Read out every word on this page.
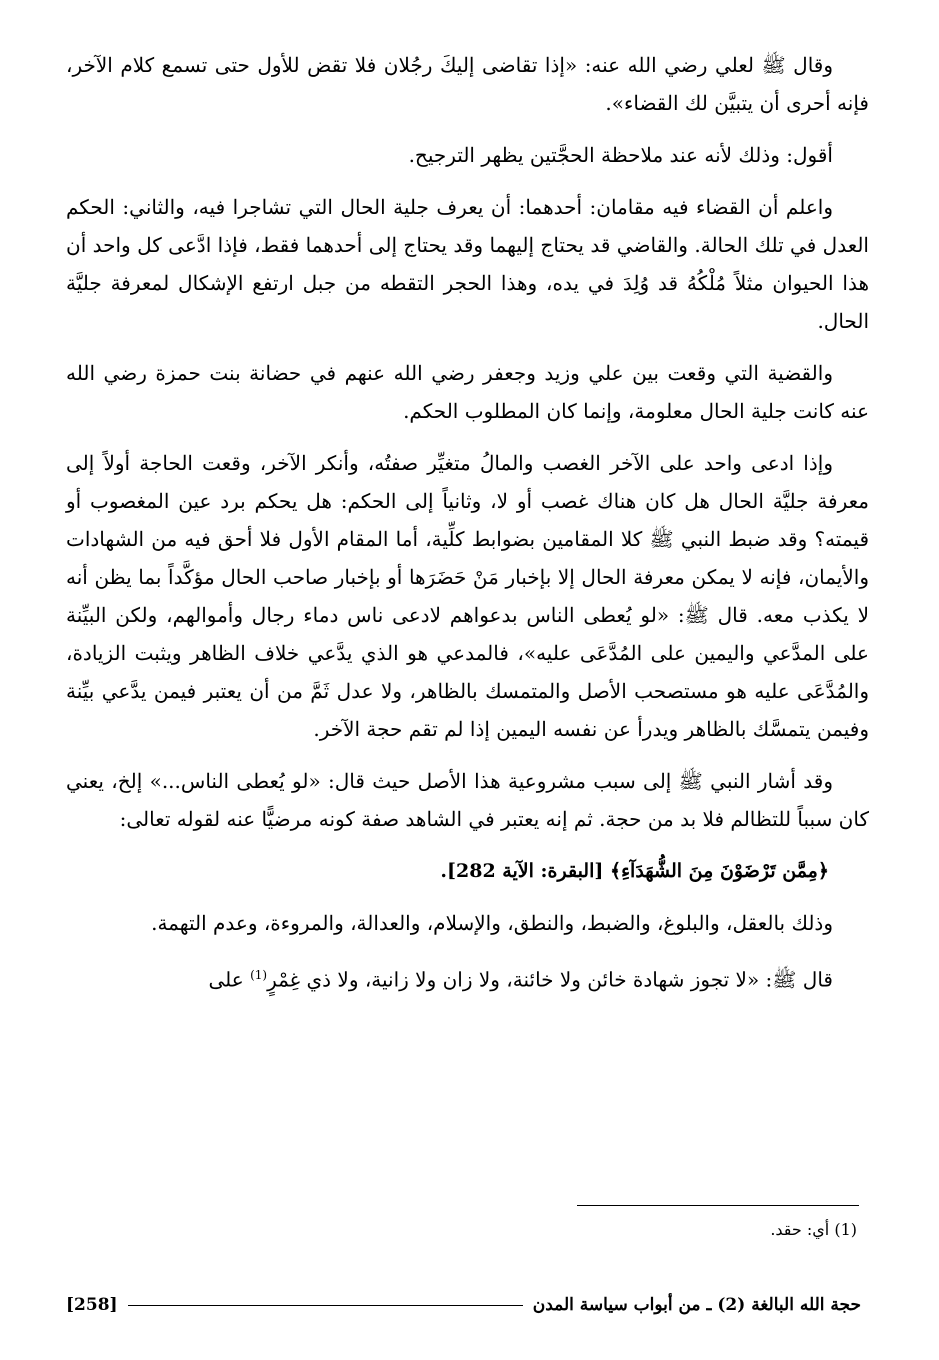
وقال ﷺ لعلي رضي الله عنه: «إذا تقاضى إليكَ رجُلان فلا تقض للأول حتى تسمع كلام الآخر، فإنه أحرى أن يتبيَّن لك القضاء».

أقول: وذلك لأنه عند ملاحظة الحجَّتين يظهر الترجيح.

واعلم أن القضاء فيه مقامان: أحدهما: أن يعرف جلية الحال التي تشاجرا فيه، والثاني: الحكم العدل في تلك الحالة. والقاضي قد يحتاج إليهما وقد يحتاج إلى أحدهما فقط، فإذا ادَّعى كل واحد أن هذا الحيوان مثلاً مُلْكُهُ قد وُلِدَ في يده، وهذا الحجر التقطه من جبل ارتفع الإشكال لمعرفة جليَّة الحال.

والقضية التي وقعت بين علي وزيد وجعفر رضي الله عنهم في حضانة بنت حمزة رضي الله عنه كانت جلية الحال معلومة، وإنما كان المطلوب الحكم.

وإذا ادعى واحد على الآخر الغصب والمالُ متغيِّر صفتُه، وأنكر الآخر، وقعت الحاجة أولاً إلى معرفة جليَّة الحال هل كان هناك غصب أو لا، وثانياً إلى الحكم: هل يحكم برد عين المغصوب أو قيمته؟ وقد ضبط النبي ﷺ كلا المقامين بضوابط كلِّية، أما المقام الأول فلا أحق فيه من الشهادات والأيمان، فإنه لا يمكن معرفة الحال إلا بإخبار مَنْ حَضَرَها أو بإخبار صاحب الحال مؤكَّداً بما يظن أنه لا يكذب معه. قال ﷺ: «لو يُعطى الناس بدعواهم لادعى ناس دماء رجال وأموالهم، ولكن البيِّنة على المدَّعي واليمين على المُدَّعَى عليه»، فالمدعي هو الذي يدَّعي خلاف الظاهر ويثبت الزيادة، والمُدَّعَى عليه هو مستصحب الأصل والمتمسك بالظاهر، ولا عدل ثَمَّ من أن يعتبر فيمن يدَّعي بيِّنة وفيمن يتمسَّك بالظاهر ويدرأ عن نفسه اليمين إذا لم تقم حجة الآخر.

وقد أشار النبي ﷺ إلى سبب مشروعية هذا الأصل حيث قال: «لو يُعطى الناس...» إلخ، يعني كان سبباً للتظالم فلا بد من حجة. ثم إنه يعتبر في الشاهد صفة كونه مرضيًّا عنه لقوله تعالى:

﴿مِمَّن تَرْضَوْنَ مِنَ الشُّهَدَآءِ﴾ [البقرة: الآية 282].

وذلك بالعقل، والبلوغ، والضبط، والنطق، والإسلام، والعدالة، والمروءة، وعدم التهمة.

قال ﷺ: «لا تجوز شهادة خائن ولا خائنة، ولا زان ولا زانية، ولا ذي غِمْرٍ$^{(1)}$ على

(1) أي: حقد.
حجة الله البالغة (2) ـ من أبواب سياسة المدن
[258]
